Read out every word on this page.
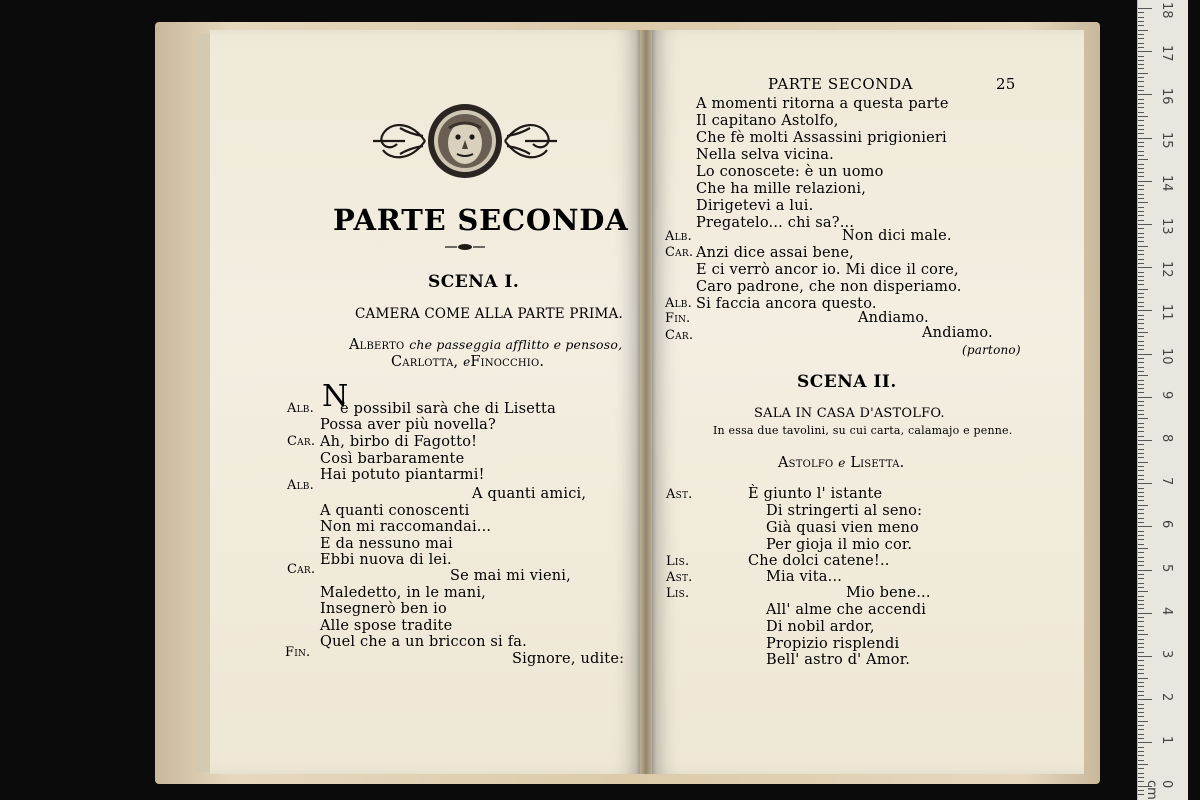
PARTE SECONDA
SCENA I.
CAMERA COME ALLA PARTE PRIMA.
Alberto che passeggia afflitto e pensoso,
Carlotta, eFinocchio.
Alb. N
è possibil sarà che di Lisetta
Possa aver più novella?
Car. Ah, birbo di Fagotto!
Così barbaramente
Hai potuto piantarmi!
Alb.
A quanti amici,
A quanti conoscenti
Non mi raccomandai...
E da nessuno mai
Ebbi nuova di lei.
Car.	Se mai mi vieni,
Maledetto, in le mani,
Insegnerò ben io
Alle spose tradite
Quel che a un briccon si fa.
Fin.	Signore, udite:
PARTE SECONDA	25
A momenti ritorna a questa parte
Il capitano Astolfo,
Che fè molti Assassini prigionieri
Nella selva vicina.
Lo conoscete: è un uomo
Che ha mille relazioni,
Dirigetevi a lui.
Pregatelo... chi sa?...
Alb.	Non dici male.
Car. Anzi dice assai bene,
E ci verrò ancor io. Mi dice il core,
Caro padrone, che non disperiamo.
Alb. Si faccia ancora questo.
Fin.	Andiamo.
Car.	Andiamo.
(partono)
SCENA II.
SALA IN CASA D'ASTOLFO.
In essa due tavolini, su cui carta, calamajo e penne.
Astolfo e Lisetta.
Ast.	È giunto l' istante
Di stringerti al seno:
Già quasi vien meno
Per gioja il mio cor.
Lis.	Che dolci catene!..
Ast.	Mia vita...
Lis.	Mio bene...
All' alme che accendi
Di nobil ardor,
Propizio risplendi
Bell' astro d' Amor.
18
17
16
15
14
13
12
11
10
9
8
7
6
5
4
3
2
1
0 cm
